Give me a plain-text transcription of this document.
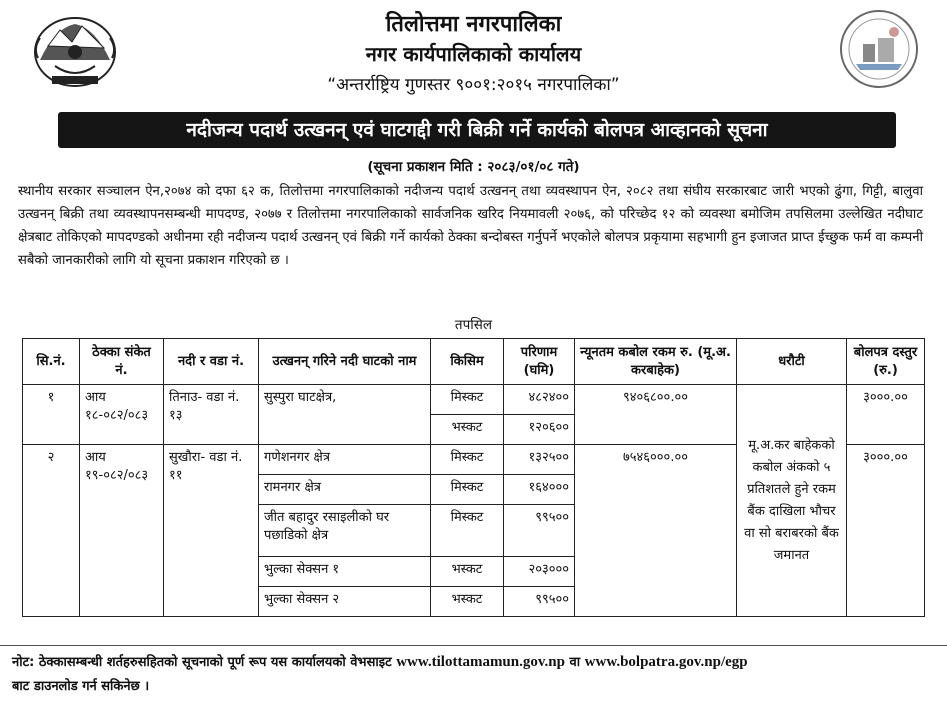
तिलोत्तमा नगरपालिका
नगर कार्यपालिकाको कार्यालय
“अन्तर्राष्ट्रिय गुणस्तर ९००१:२०१५ नगरपालिका”
नदीजन्य पदार्थ उत्खनन् एवं घाटगद्दी गरी बिक्री गर्ने कार्यको बोलपत्र आव्हानको सूचना
(सूचना प्रकाशन मिति : २०८३/०१/०८ गते)
स्थानीय सरकार सञ्चालन ऐन,२०७४ को दफा ६२ क, तिलोत्तमा नगरपालिकाको नदीजन्य पदार्थ उत्खनन् तथा व्यवस्थापन ऐन, २०८२ तथा संघीय सरकारबाट जारी भएको ढुंगा, गिट्टी, बालुवा उत्खनन् बिक्री तथा व्यवस्थापनसम्बन्धी मापदण्ड, २०७७ र तिलोत्तमा नगरपालिकाको सार्वजनिक खरिद नियमावली २०७६, को परिच्छेद १२ को व्यवस्था बमोजिम तपसिलमा उल्लेखित नदीघाट क्षेत्रबाट तोकिएको मापदण्डको अधीनमा रही नदीजन्य पदार्थ उत्खनन् एवं बिक्री गर्ने कार्यको ठेक्का बन्दोबस्त गर्नुपर्ने भएकोले बोलपत्र प्रकृयामा सहभागी हुन इजाजत प्राप्त ईच्छुक फर्म वा कम्पनी सबैको जानकारीको लागि यो सूचना प्रकाशन गरिएको छ ।
तपसिल
सि.नं.	ठेक्का संकेत नं.	नदी र वडा नं.	उत्खनन् गरिने नदी घाटको नाम	किसिम	परिणाम (घमि)	न्यूनतम कबोल रकम रु. (मू.अ. करबाहेक)	धरौटी	बोलपत्र दस्तुर (रु.)
१	आय १८-०८२/०८३	तिनाउ- वडा नं. १३	सुस्पुरा घाटक्षेत्र,	मिस्कट	४८२४००	९४०६८००.००	मू.अ.कर बाहेकको कबोल अंकको ५ प्रतिशतले हुने रकम बैंक दाखिला भौचर वा सो बराबरको बैंक जमानत	३०००.००
				भस्कट	१२०६००			
२	आय १९-०८२/०८३	सुखौरा- वडा नं. ११	गणेशनगर क्षेत्र	मिस्कट	१३२५००	७५४६०००.००		३०००.००
			रामनगर क्षेत्र	मिस्कट	१६४०००			
			जीत बहादुर रसाइलीको घर पछाडिको क्षेत्र	मिस्कट	९९५००			
			भुल्का सेक्सन १	भस्कट	२०३०००			
			भुल्का सेक्सन २	भस्कट	९९५००			
नोट: ठेक्कासम्बन्धी शर्तहरुसहितको सूचनाको पूर्ण रूप यस कार्यालयको वेभसाइट www.tilottamamun.gov.np वा www.bolpatra.gov.np/egp
बाट डाउनलोड गर्न सकिनेछ ।
